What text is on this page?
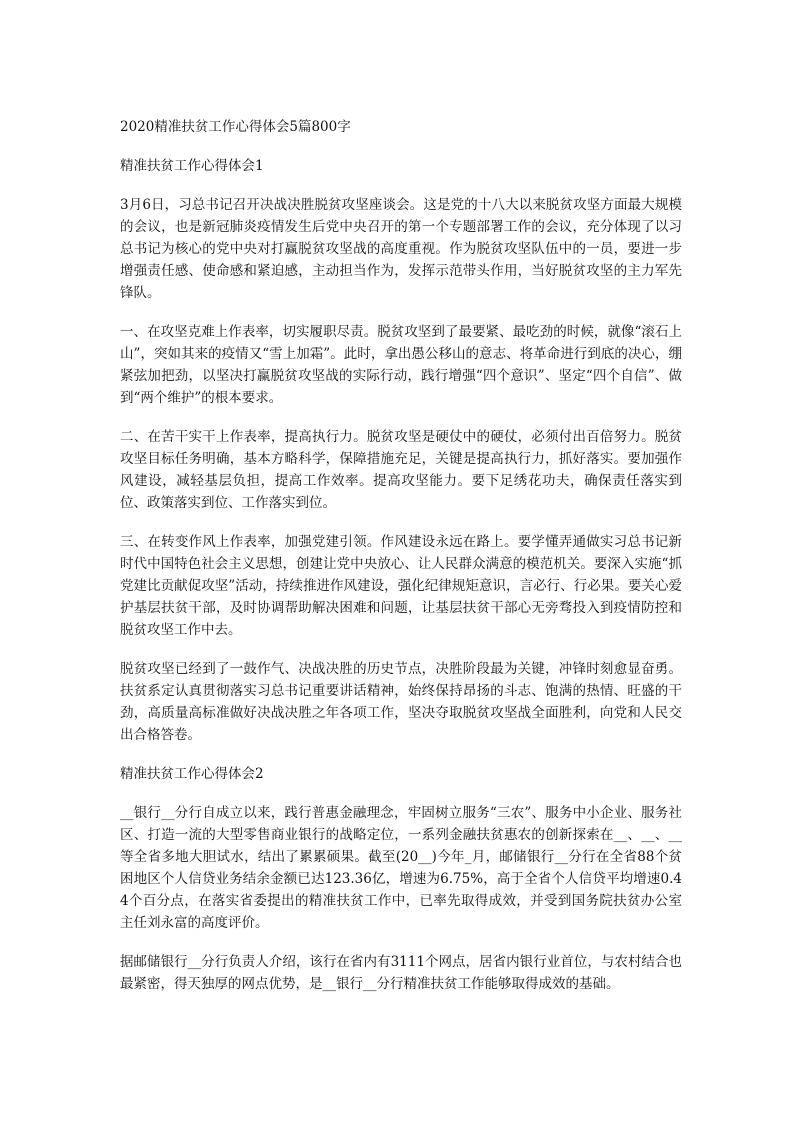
2020精准扶贫工作心得体会5篇800字

精准扶贫工作心得体会1

3月6日，习总书记召开决战决胜脱贫攻坚座谈会。这是党的十八大以来脱贫攻坚方面最大规模的会议，也是新冠肺炎疫情发生后党中央召开的第一个专题部署工作的会议，充分体现了以习总书记为核心的党中央对打赢脱贫攻坚战的高度重视。作为脱贫攻坚队伍中的一员，要进一步增强责任感、使命感和紧迫感，主动担当作为，发挥示范带头作用，当好脱贫攻坚的主力军先锋队。

一、在攻坚克难上作表率，切实履职尽责。脱贫攻坚到了最要紧、最吃劲的时候，就像“滚石上山”，突如其来的疫情又“雪上加霜”。此时，拿出愚公移山的意志、将革命进行到底的决心，绷紧弦加把劲，以坚决打赢脱贫攻坚战的实际行动，践行增强“四个意识”、坚定“四个自信”、做到“两个维护”的根本要求。

二、在苦干实干上作表率，提高执行力。脱贫攻坚是硬仗中的硬仗，必须付出百倍努力。脱贫攻坚目标任务明确，基本方略科学，保障措施充足，关键是提高执行力，抓好落实。要加强作风建设，减轻基层负担，提高工作效率。提高攻坚能力。要下足绣花功夫，确保责任落实到位、政策落实到位、工作落实到位。

三、在转变作风上作表率，加强党建引领。作风建设永远在路上。要学懂弄通做实习总书记新时代中国特色社会主义思想，创建让党中央放心、让人民群众满意的模范机关。要深入实施“抓党建比贡献促攻坚”活动，持续推进作风建设，强化纪律规矩意识，言必行、行必果。要关心爱护基层扶贫干部，及时协调帮助解决困难和问题，让基层扶贫干部心无旁骛投入到疫情防控和脱贫攻坚工作中去。

脱贫攻坚已经到了一鼓作气、决战决胜的历史节点，决胜阶段最为关键，冲锋时刻愈显奋勇。扶贫系定认真贯彻落实习总书记重要讲话精神，始终保持昂扬的斗志、饱满的热情、旺盛的干劲，高质量高标准做好决战决胜之年各项工作，坚决夺取脱贫攻坚战全面胜利，向党和人民交出合格答卷。

精准扶贫工作心得体会2

__银行__分行自成立以来，践行普惠金融理念，牢固树立服务“三农”、服务中小企业、服务社区、打造一流的大型零售商业银行的战略定位，一系列金融扶贫惠农的创新探索在__、__、__等全省多地大胆试水，结出了累累硕果。截至(20__)今年_月，邮储银行__分行在全省88个贫困地区个人信贷业务结余金额已达123.36亿，增速为6.75%，高于全省个人信贷平均增速0.44个百分点，在落实省委提出的精准扶贫工作中，已率先取得成效，并受到国务院扶贫办公室主任刘永富的高度评价。

据邮储银行__分行负责人介绍，该行在省内有3111个网点，居省内银行业首位，与农村结合也最紧密，得天独厚的网点优势，是__银行__分行精准扶贫工作能够取得成效的基础。
